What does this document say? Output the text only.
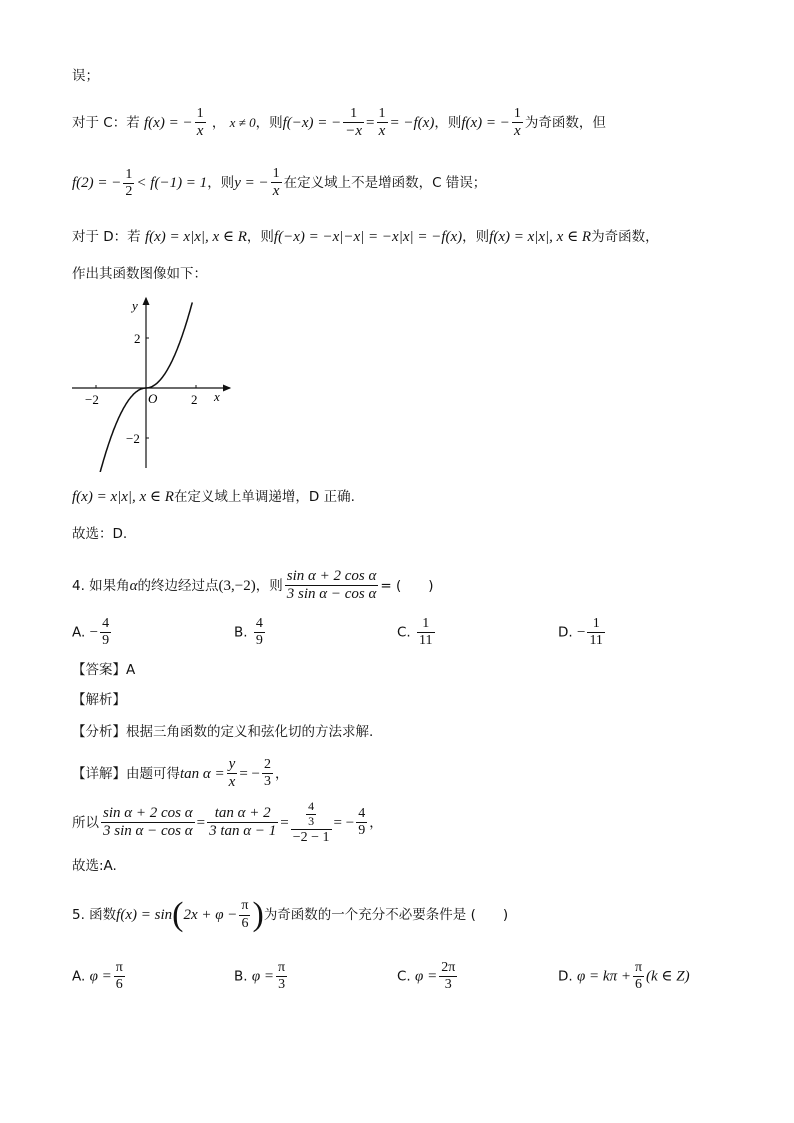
误；
对于 C：若 f(x) = − $\frac{1}{x}$ ， x ≠ 0，则f(−x) = − $\frac{1}{-x} = \frac{1}{x} = -f(x)$，则f(x) = − $\frac{1}{x}$ 为奇函数，但
f(2) = − $\frac{1}{2} < f(-1) = 1$，则y = − $\frac{1}{x}$ 在定义域上不是增函数，C 错误；
对于 D：若 f(x) = x|x|, x ∈ R，则f(−x) = −x|−x| = −x|x| = −f(x)，则f(x) = x|x|, x ∈ R为奇函数，
作出其函数图像如下：
y
x
O
2
−2
2
−2
f(x) = x|x|, x ∈ R在定义域上单调递增，D 正确.
故选：D.
4. 如果角α的终边经过点(3,−2)，则 $\frac{\text{sin α + 2 cos α}}{\text{3 sin α − cos α}}$ = (　　)
A. − $\frac{4}{9}$	B. $\frac{4}{9}$	C. $\frac{1}{11}$	D. − $\frac{1}{11}$
【答案】A
【解析】
【分析】根据三角函数的定义和弦化切的方法求解.
【详解】由题可得$\tan \alpha = \frac{y}{x}$ = − $\frac{2}{3}$ ，
所以 $\frac{\text{sin α + 2 cos α}}{\text{3 sin α − cos α}} = \frac{\text{tan α + 2}}{\text{3 tan α − 1}} = \frac{\frac{4}{3}}{-2 - 1}$ = − $\frac{4}{9}$ ，
故选:A.
5. 函数$f(x) = \sin(2x + \varphi - \frac{\pi}{6}$ )为奇函数的一个充分不必要条件是 (　　)
A. $\varphi = \frac{\pi}{6}$	B. $\varphi = \frac{\pi}{3}$	C. $\varphi = \frac{2\pi}{3}$	D. $\varphi = k\pi + \frac{\pi}{6} (k$ ∈ Z)
